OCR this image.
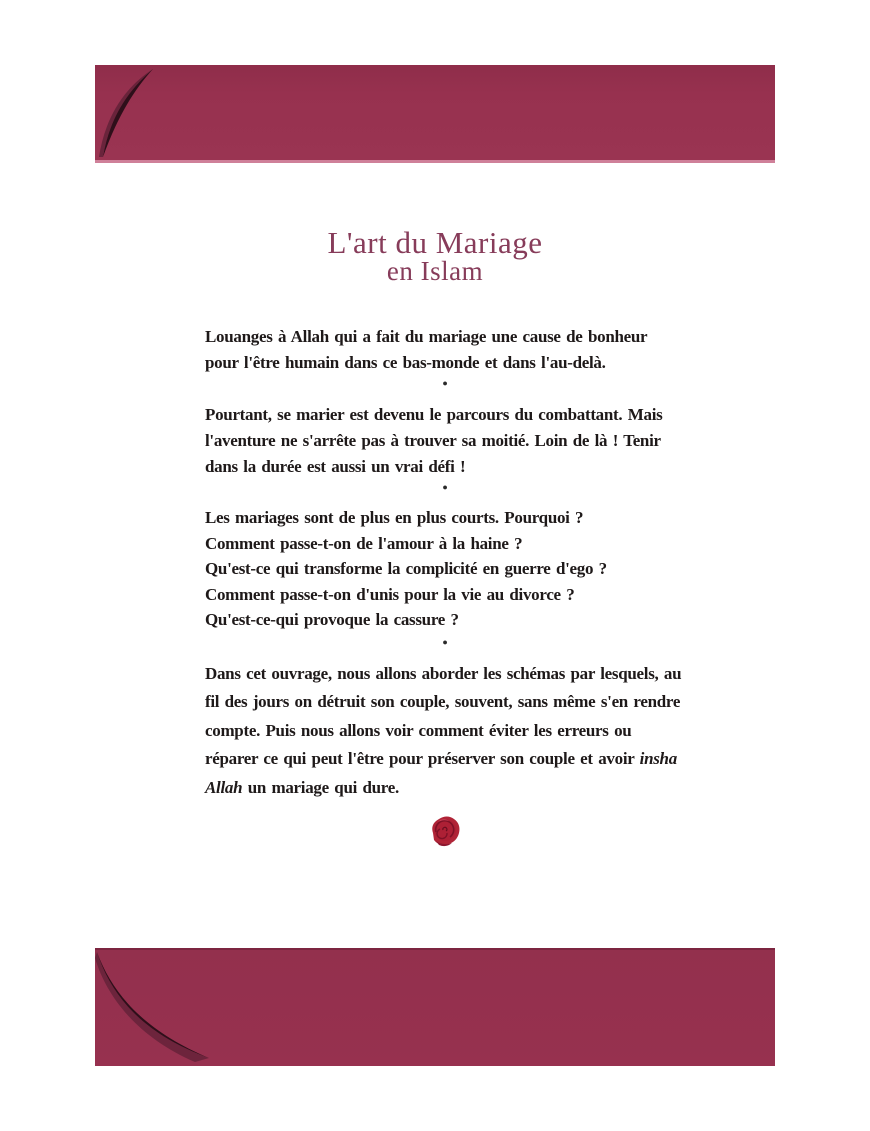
L'art du Mariage
en Islam

Louanges à Allah qui a fait du mariage une cause de bonheur pour l'être humain dans ce bas-monde et dans l'au-delà.

●

Pourtant, se marier est devenu le parcours du combattant. Mais l'aventure ne s'arrête pas à trouver sa moitié. Loin de là ! Tenir dans la durée est aussi un vrai défi !

●
Les mariages sont de plus en plus courts. Pourquoi ?
Comment passe-t-on de l'amour à la haine ?
Qu'est-ce qui transforme la complicité en guerre d'ego ?
Comment passe-t-on d'unis pour la vie au divorce ?
Qu'est-ce-qui provoque la cassure ?
●

Dans cet ouvrage, nous allons aborder les schémas par lesquels, au fil des jours on détruit son couple, souvent, sans même s'en rendre compte. Puis nous allons voir comment éviter les erreurs ou réparer ce qui peut l'être pour préserver son couple et avoir insha Allah un mariage qui dure.
